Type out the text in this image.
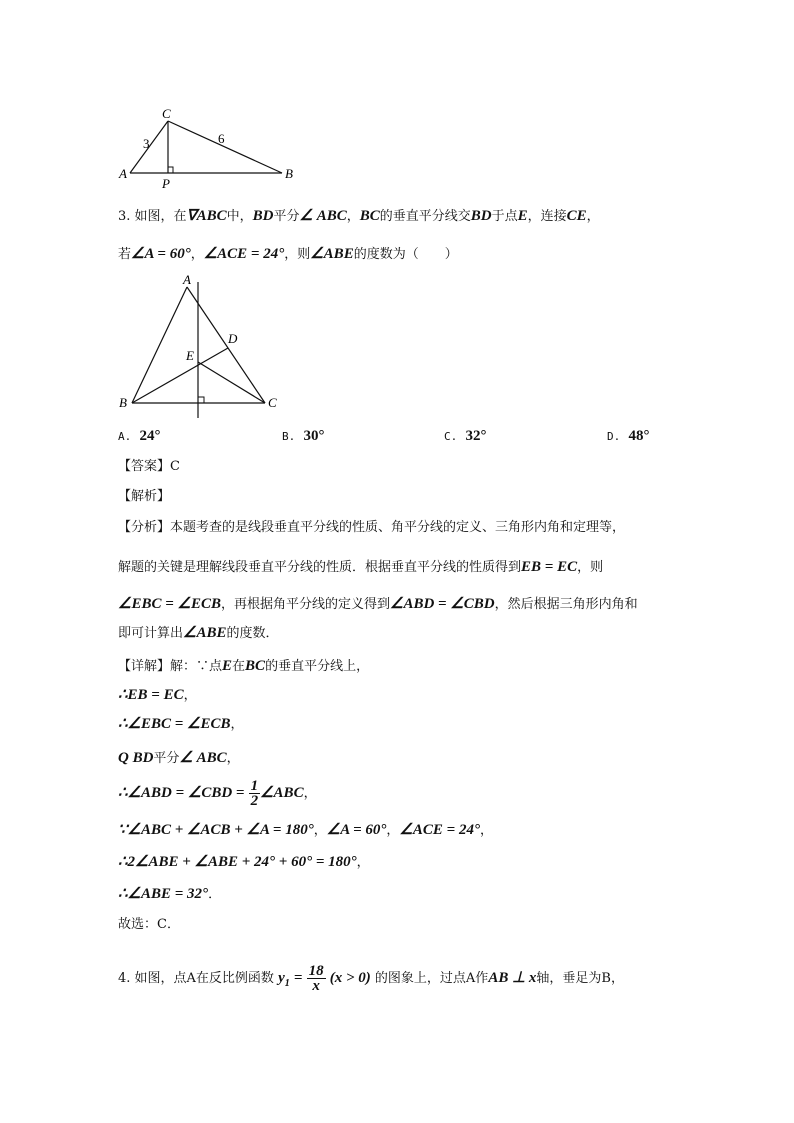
C
A
P
B
3	6
3. 如图，在∇ABC中，BD平分∠ ABC，BC的垂直平分线交BD于点E，连接CE，
若∠A = 60°，∠ACE = 24°，则∠ABE的度数为（　　）
A
D
E
B	C
A. 24°	B. 30°	C. 32°	D. 48°
【答案】C
【解析】
【分析】本题考查的是线段垂直平分线的性质、角平分线的定义、三角形内角和定理等，
解题的关键是理解线段垂直平分线的性质．根据垂直平分线的性质得到EB = EC，则
∠EBC = ∠ECB，再根据角平分线的定义得到∠ABD = ∠CBD，然后根据三角形内角和
即可计算出∠ABE的度数．
【详解】解：∵点E在BC的垂直平分线上，
∴EB = EC，
∴∠EBC = ∠ECB，
Q BD平分∠ ABC，
∴∠ABD = ∠CBD = $\frac{1}{2}$ ∠ABC，
∵∠ABC + ∠ACB + ∠A = 180°，∠A = 60°，∠ACE = 24°，
∴2∠ABE + ∠ABE + 24° + 60° = 180°，
∴∠ABE = 32°．
故选：C．
4. 如图，点A在反比例函数 $y_1 = \frac{18}{x} (x > 0)$ 的图象上，过点A作AB ⊥ x轴，垂足为B，
